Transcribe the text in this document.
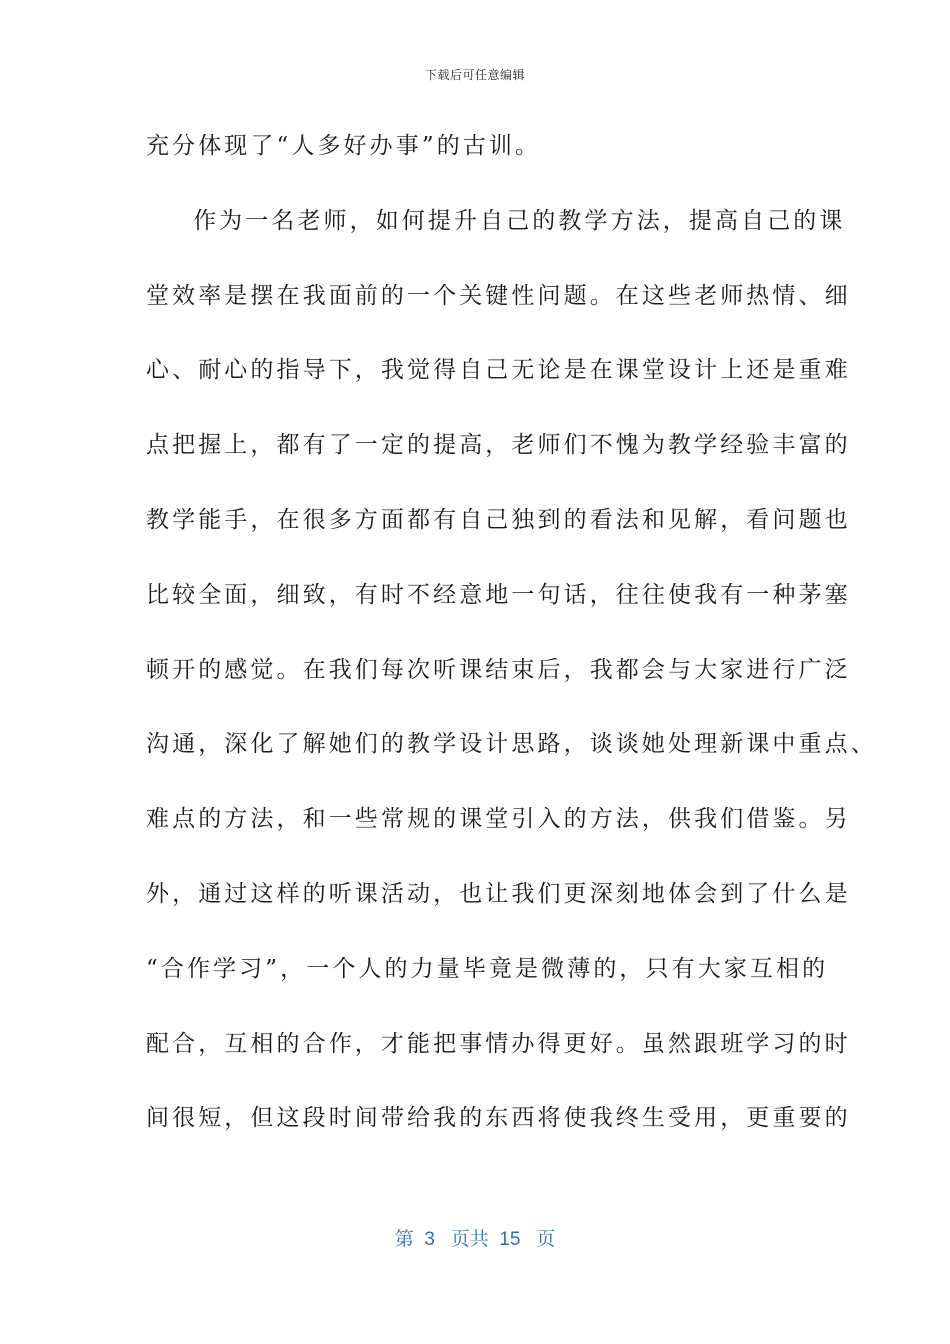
下载后可任意编辑
充分体现了“人多好办事”的古训。
作为一名老师，如何提升自己的教学方法，提高自己的课
堂效率是摆在我面前的一个关键性问题。在这些老师热情、细
心、耐心的指导下，我觉得自己无论是在课堂设计上还是重难
点把握上，都有了一定的提高，老师们不愧为教学经验丰富的
教学能手，在很多方面都有自己独到的看法和见解，看问题也
比较全面，细致，有时不经意地一句话，往往使我有一种茅塞
顿开的感觉。在我们每次听课结束后，我都会与大家进行广泛
沟通，深化了解她们的教学设计思路，谈谈她处理新课中重点、
难点的方法，和一些常规的课堂引入的方法，供我们借鉴。另
外，通过这样的听课活动，也让我们更深刻地体会到了什么是
“合作学习”，一个人的力量毕竟是微薄的，只有大家互相的
配合，互相的合作，才能把事情办得更好。虽然跟班学习的时
间很短，但这段时间带给我的东西将使我终生受用，更重要的
第 3 页共 15 页
